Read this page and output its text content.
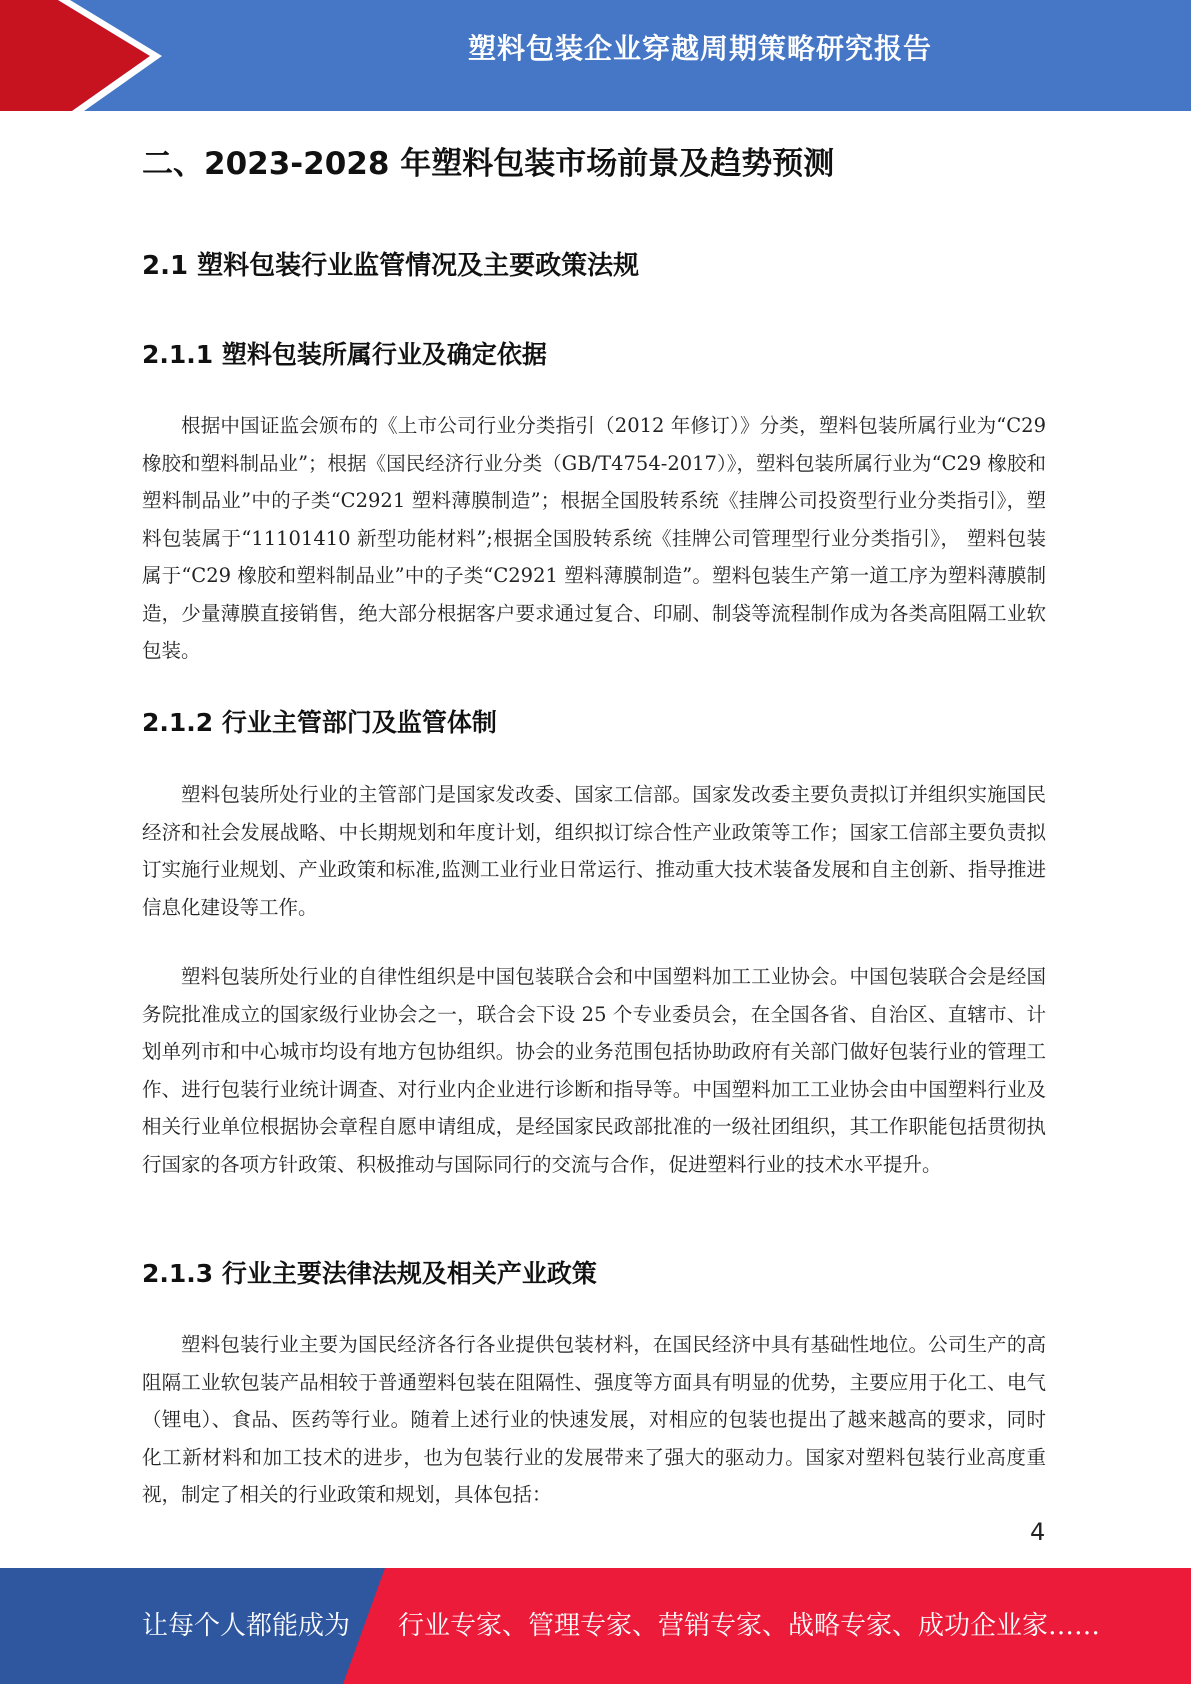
塑料包装企业穿越周期策略研究报告
二、2023-2028 年塑料包装市场前景及趋势预测
2.1 塑料包装行业监管情况及主要政策法规
2.1.1 塑料包装所属行业及确定依据

根据中国证监会颁布的《上市公司行业分类指引（2012 年修订）》分类，塑料包装所属行业为“C29 橡胶和塑料制品业”；根据《国民经济行业分类（GB/T4754-2017）》，塑料包装所属行业为“C29 橡胶和塑料制品业”中的子类“C2921 塑料薄膜制造”；根据全国股转系统《挂牌公司投资型行业分类指引》，塑料包装属于“11101410 新型功能材料”;根据全国股转系统《挂牌公司管理型行业分类指引》， 塑料包装属于“C29 橡胶和塑料制品业”中的子类“C2921 塑料薄膜制造”。塑料包装生产第一道工序为塑料薄膜制造，少量薄膜直接销售，绝大部分根据客户要求通过复合、印刷、制袋等流程制作成为各类高阻隔工业软包装。

2.1.2 行业主管部门及监管体制

塑料包装所处行业的主管部门是国家发改委、国家工信部。国家发改委主要负责拟订并组织实施国民经济和社会发展战略、中长期规划和年度计划，组织拟订综合性产业政策等工作；国家工信部主要负责拟订实施行业规划、产业政策和标准,监测工业行业日常运行、推动重大技术装备发展和自主创新、指导推进信息化建设等工作。

塑料包装所处行业的自律性组织是中国包装联合会和中国塑料加工工业协会。中国包装联合会是经国务院批准成立的国家级行业协会之一，联合会下设 25 个专业委员会，在全国各省、自治区、直辖市、计划单列市和中心城市均设有地方包协组织。协会的业务范围包括协助政府有关部门做好包装行业的管理工作、进行包装行业统计调查、对行业内企业进行诊断和指导等。中国塑料加工工业协会由中国塑料行业及相关行业单位根据协会章程自愿申请组成，是经国家民政部批准的一级社团组织，其工作职能包括贯彻执行国家的各项方针政策、积极推动与国际同行的交流与合作，促进塑料行业的技术水平提升。

2.1.3 行业主要法律法规及相关产业政策

塑料包装行业主要为国民经济各行各业提供包装材料，在国民经济中具有基础性地位。公司生产的高阻隔工业软包装产品相较于普通塑料包装在阻隔性、强度等方面具有明显的优势，主要应用于化工、电气（锂电）、食品、医药等行业。随着上述行业的快速发展，对相应的包装也提出了越来越高的要求，同时化工新材料和加工技术的进步，也为包装行业的发展带来了强大的驱动力。国家对塑料包装行业高度重视，制定了相关的行业政策和规划，具体包括：

4
让每个人都能成为 行业专家、管理专家、营销专家、战略专家、成功企业家……
